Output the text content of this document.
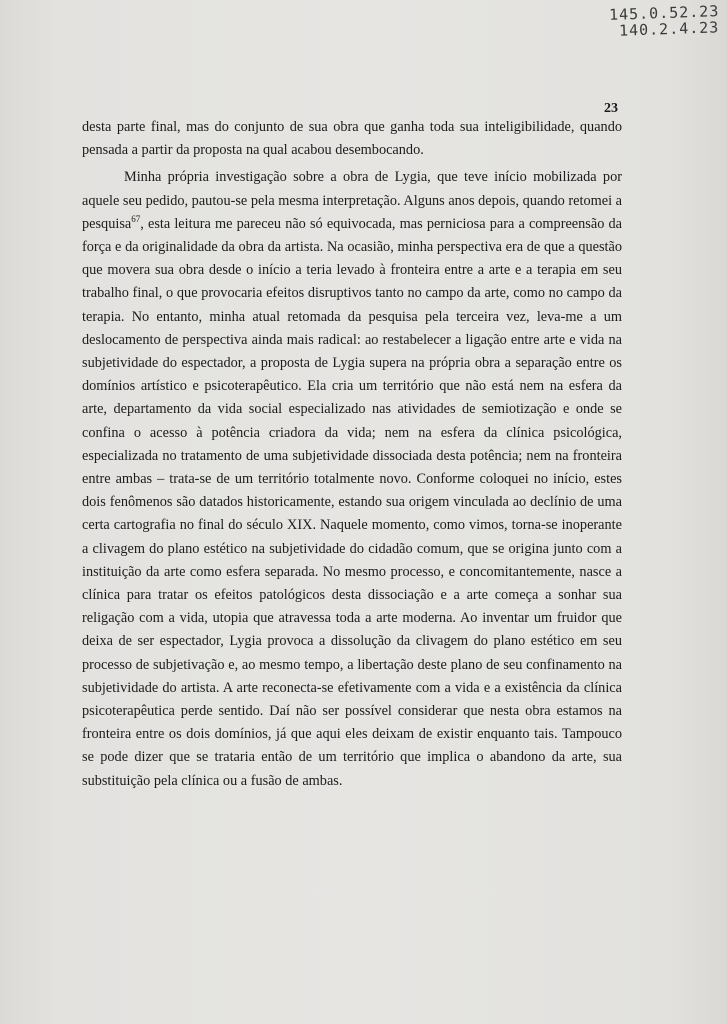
145.0.52.23
140.2.4.23
23

desta parte final, mas do conjunto de sua obra que ganha toda sua inteligibilidade, quando pensada a partir da proposta na qual acabou desembocando.

Minha própria investigação sobre a obra de Lygia, que teve início mobilizada por aquele seu pedido, pautou-se pela mesma interpretação. Alguns anos depois, quando retomei a pesquisa$^{67}$, esta leitura me pareceu não só equivocada, mas perniciosa para a compreensão da força e da originalidade da obra da artista. Na ocasião, minha perspectiva era de que a questão que movera sua obra desde o início a teria levado à fronteira entre a arte e a terapia em seu trabalho final, o que provocaria efeitos disruptivos tanto no campo da arte, como no campo da terapia. No entanto, minha atual retomada da pesquisa pela terceira vez, leva-me a um deslocamento de perspectiva ainda mais radical: ao restabelecer a ligação entre arte e vida na subjetividade do espectador, a proposta de Lygia supera na própria obra a separação entre os domínios artístico e psicoterapêutico. Ela cria um território que não está nem na esfera da arte, departamento da vida social especializado nas atividades de semiotização e onde se confina o acesso à potência criadora da vida; nem na esfera da clínica psicológica, especializada no tratamento de uma subjetividade dissociada desta potência; nem na fronteira entre ambas – trata-se de um território totalmente novo. Conforme coloquei no início, estes dois fenômenos são datados historicamente, estando sua origem vinculada ao declínio de uma certa cartografia no final do século XIX. Naquele momento, como vimos, torna-se inoperante a clivagem do plano estético na subjetividade do cidadão comum, que se origina junto com a instituição da arte como esfera separada. No mesmo processo, e concomitantemente, nasce a clínica para tratar os efeitos patológicos desta dissociação e a arte começa a sonhar sua religação com a vida, utopia que atravessa toda a arte moderna. Ao inventar um fruidor que deixa de ser espectador, Lygia provoca a dissolução da clivagem do plano estético em seu processo de subjetivação e, ao mesmo tempo, a libertação deste plano de seu confinamento na subjetividade do artista. A arte reconecta-se efetivamente com a vida e a existência da clínica psicoterapêutica perde sentido. Daí não ser possível considerar que nesta obra estamos na fronteira entre os dois domínios, já que aqui eles deixam de existir enquanto tais. Tampouco se pode dizer que se trataria então de um território que implica o abandono da arte, sua substituição pela clínica ou a fusão de ambas.
